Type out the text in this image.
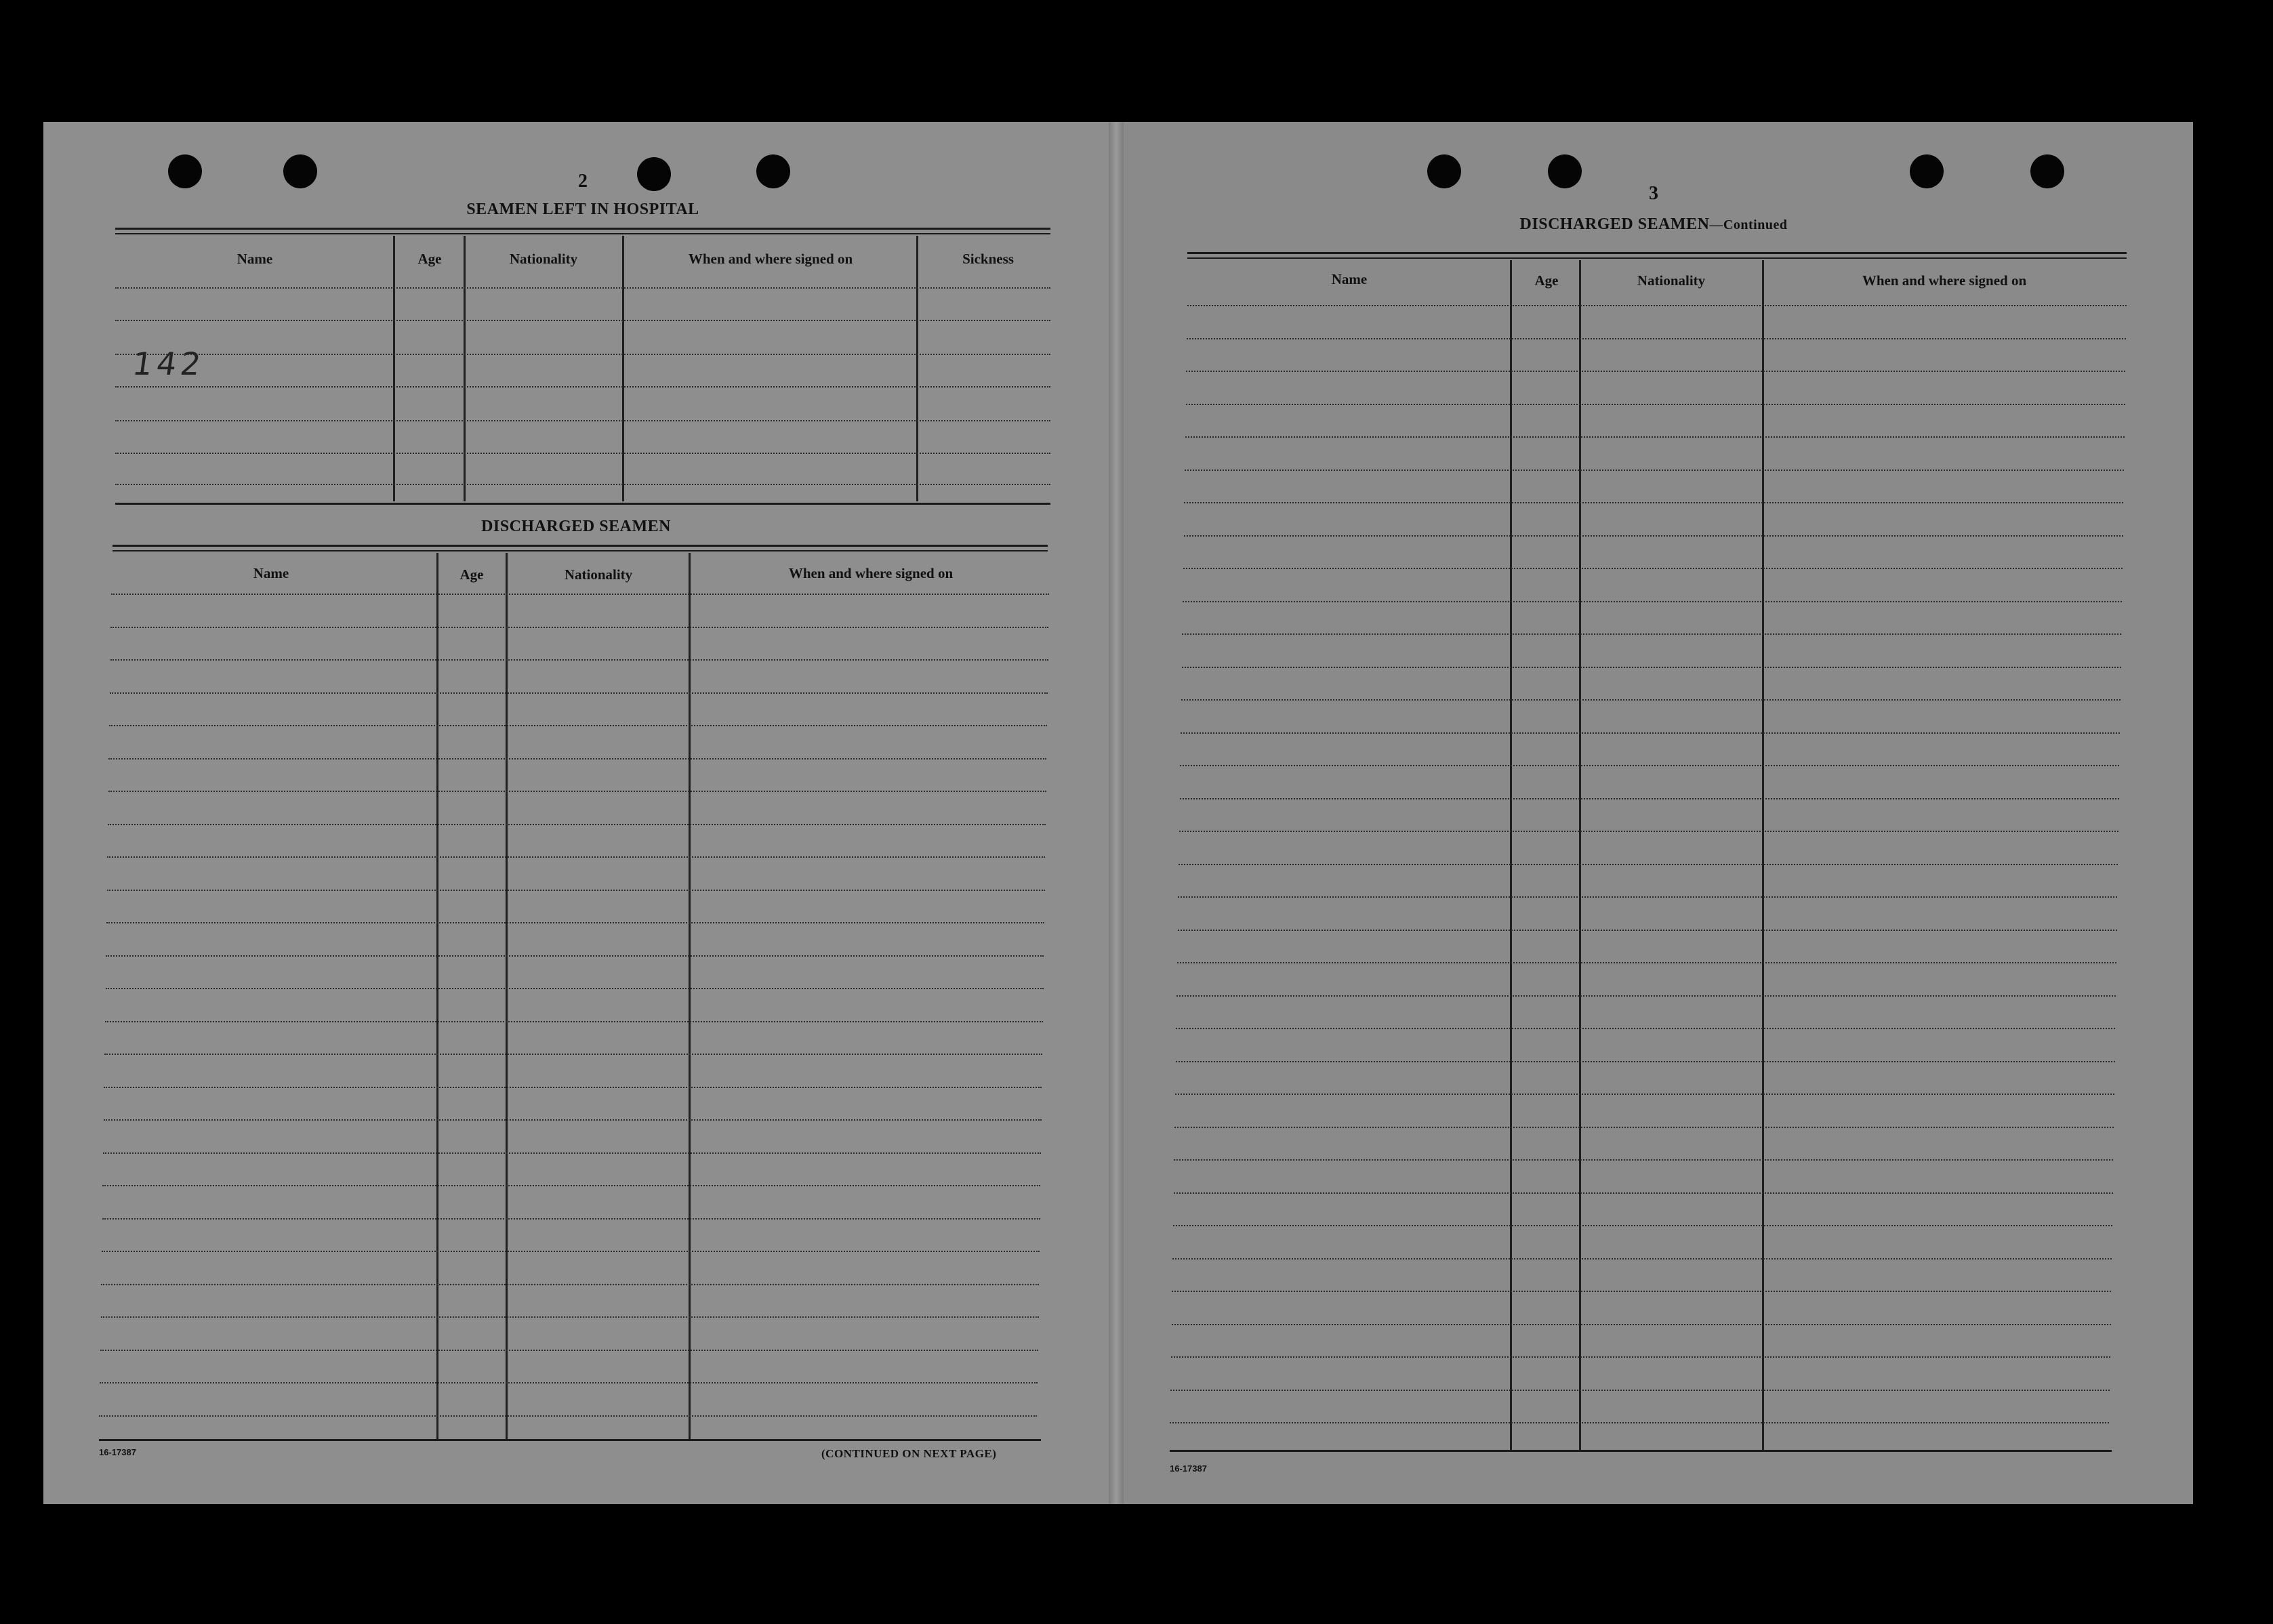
2
SEAMEN LEFT IN HOSPITAL
Name	Age	Nationality	When and where signed on	Sickness
142
DISCHARGED SEAMEN
Name	Age	Nationality	When and where signed on
16-17387	(CONTINUED ON NEXT PAGE)
3
DISCHARGED SEAMEN—Continued
Name	Age	Nationality	When and where signed on
16-17387
